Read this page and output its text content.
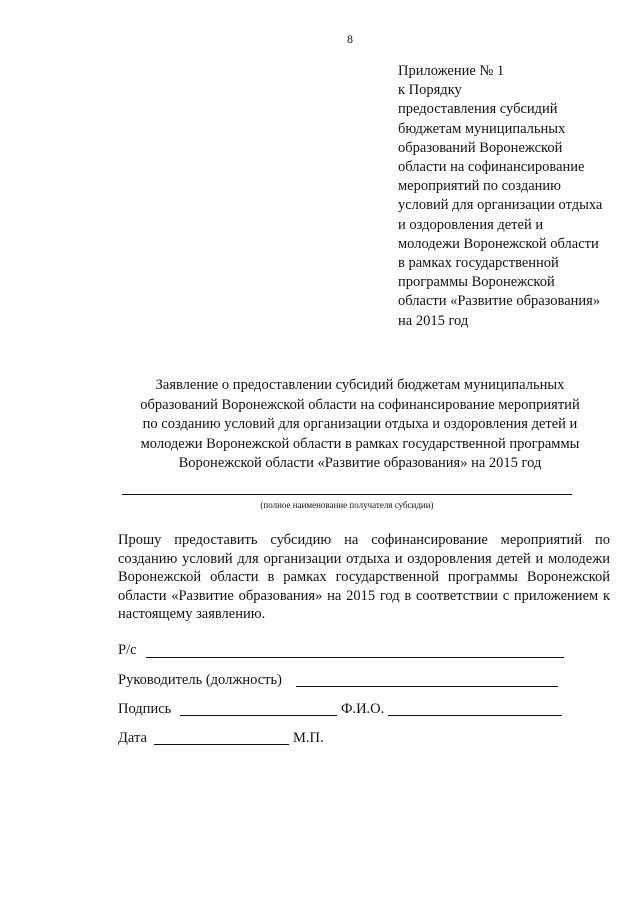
8
Приложение № 1
к Порядку
предоставления субсидий
бюджетам муниципальных
образований Воронежской
области на софинансирование
мероприятий по созданию
условий для организации отдыха
и оздоровления детей и
молодежи Воронежской области
в рамках государственной
программы Воронежской
области «Развитие образования»
на 2015 год
Заявление о предоставлении субсидий бюджетам муниципальных
образований Воронежской области на софинансирование мероприятий
по созданию условий для организации отдыха и оздоровления детей и
молодежи Воронежской области в рамках государственной программы
Воронежской области «Развитие образования» на 2015 год
(полное наименование получателя субсидии)
Прошу предоставить субсидию на софинансирование мероприятий по
созданию условий для организации отдыха и оздоровления детей и молодежи
Воронежской области в рамках государственной программы Воронежской
области «Развитие образования» на 2015 год в соответствии с приложением к
настоящему заявлению.
Р/с
Руководитель (должность)
Подпись	Ф.И.О.
Дата	М.П.
